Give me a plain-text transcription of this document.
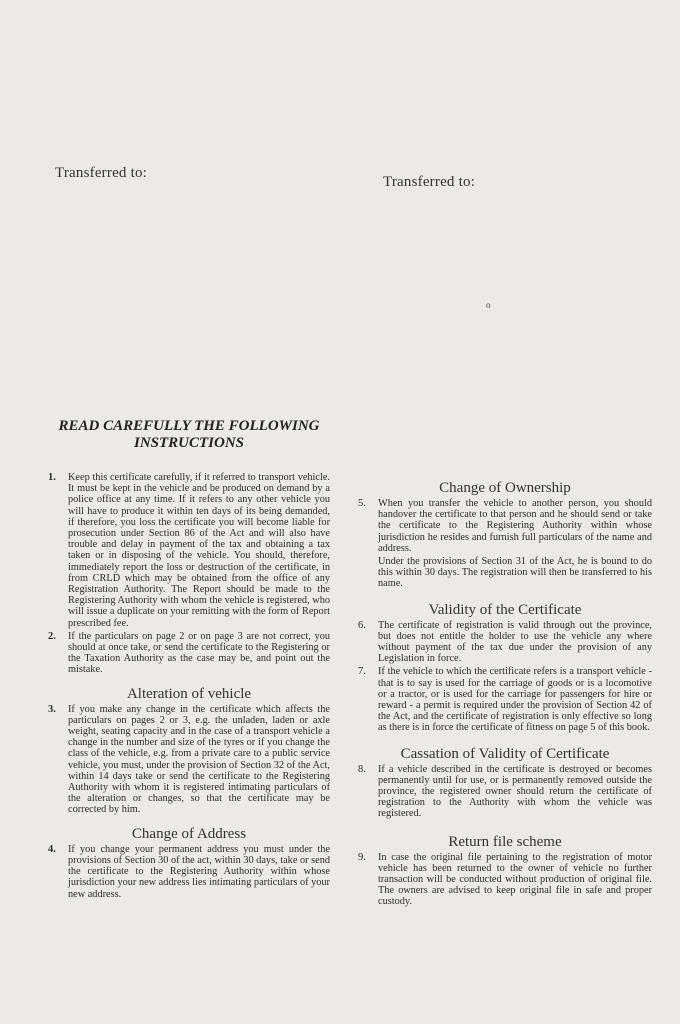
Transferred to:
Transferred to:
o
READ CAREFULLY THE FOLLOWING INSTRUCTIONS
1.	Keep this certificate carefully, if it referred to transport vehicle. It must be kept in the vehicle and be produced on demand by a police office at any time. If it refers to any other vehicle you will have to produce it within ten days of its being demanded, if therefore, you loss the certificate you will become liable for prosecution under Section 86 of the Act and will also have trouble and delay in payment of the tax and obtaining a tax taken or in disposing of the vehicle. You should, therefore, immediately report the loss or destruction of the certificate, in from CRLD which may be obtained from the office of any Registration Authority. The Report should be made to the Registering Authority with whom the vehicle is registered, who will issue a duplicate on your remitting with the form of Report prescribed fee.
2.	If the particulars on page 2 or on page 3 are not correct, you should at once take, or send the certificate to the Registering or the Taxation Authority as the case may be, and point out the mistake.
Alteration of vehicle
3.	If you make any change in the certificate which affects the particulars on pages 2 or 3, e.g. the unladen, laden or axle weight, seating capacity and in the case of a transport vehicle a change in the number and size of the tyres or if you change the class of the vehicle, e.g. from a private care to a public service vehicle, you must, under the provision of Section 32 of the Act, within 14 days take or send the certificate to the Registering Authority with whom it is registered intimating particulars of the alteration or changes, so that the certificate may be corrected by him.
Change of Address
4.	If you change your permanent address you must under the provisions of Section 30 of the act, within 30 days, take or send the certificate to the Registering Authority within whose jurisdiction your new address lies intimating particulars of your new address.
Change of Ownership
5.	When you transfer the vehicle to another person, you should handover the certificate to that person and he should send or take the certificate to the Registering Authority within whose jurisdiction he resides and furnish full particulars of the name and address.
Under the provisions of Section 31 of the Act, he is bound to do this within 30 days. The registration will then be transferred to his name.
Validity of the Certificate
6.	The certificate of registration is valid through out the province, but does not entitle the holder to use the vehicle any where without payment of the tax due under the provision of any Legislation in force.
7.	If the vehicle to which the certificate refers is a transport vehicle - that is to say is used for the carriage of goods or is a locomotive or a tractor, or is used for the carriage for passengers for hire or reward - a permit is required under the provision of Section 42 of the Act, and the certificate of registration is only effective so long as there is in force the certificate of fitness on page 5 of this book.
Cassation of Validity of Certificate
8.	If a vehicle described in the certificate is destroyed or becomes permanently until for use, or is permanently removed outside the province, the registered owner should return the certificate of registration to the Authority with whom the vehicle was registered.
Return file scheme
9.	In case the original file pertaining to the registration of motor vehicle has been returned to the owner of vehicle no further transaction will be conducted without production of original file. The owners are advised to keep original file in safe and proper custody.
